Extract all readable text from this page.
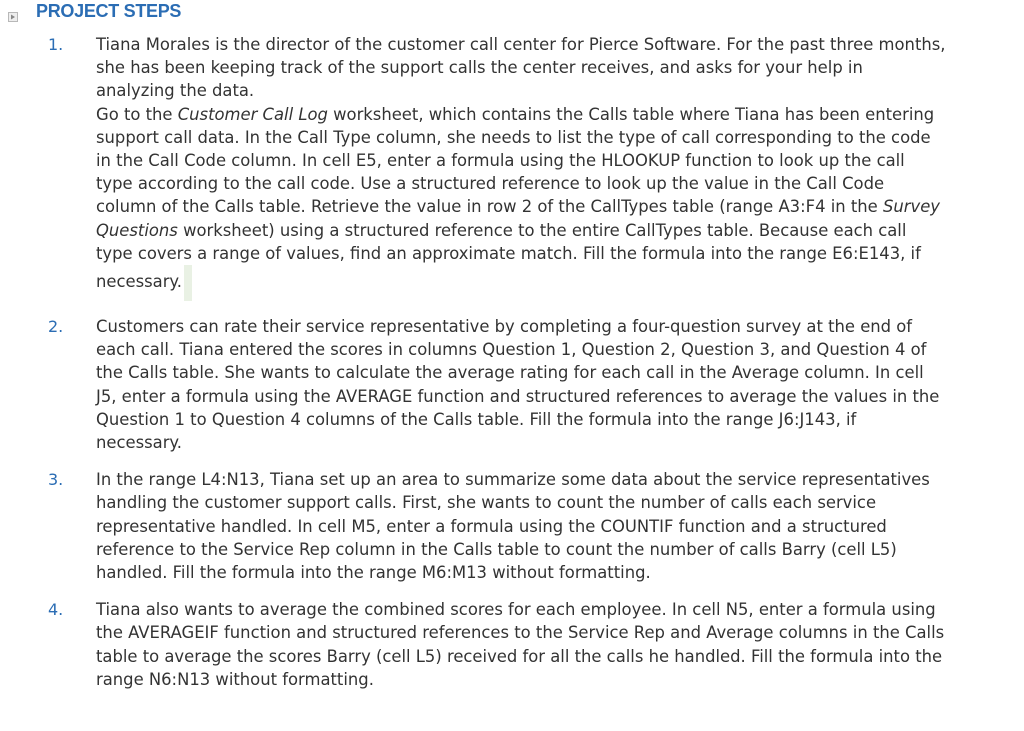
PROJECT STEPS
1.	Tiana Morales is the director of the customer call center for Pierce Software. For the past three months, she has been keeping track of the support calls the center receives, and asks for your help in analyzing the data.

Go to the Customer Call Log worksheet, which contains the Calls table where Tiana has been entering support call data. In the Call Type column, she needs to list the type of call corresponding to the code in the Call Code column. In cell E5, enter a formula using the HLOOKUP function to look up the call type according to the call code. Use a structured reference to look up the value in the Call Code column of the Calls table. Retrieve the value in row 2 of the CallTypes table (range A3:F4 in the Survey Questions worksheet) using a structured reference to the entire CallTypes table. Because each call type covers a range of values, find an approximate match. Fill the formula into the range E6:E143, if necessary.

2.	Customers can rate their service representative by completing a four-question survey at the end of each call. Tiana entered the scores in columns Question 1, Question 2, Question 3, and Question 4 of the Calls table. She wants to calculate the average rating for each call in the Average column. In cell J5, enter a formula using the AVERAGE function and structured references to average the values in the Question 1 to Question 4 columns of the Calls table. Fill the formula into the range J6:J143, if necessary.
3.	In the range L4:N13, Tiana set up an area to summarize some data about the service representatives handling the customer support calls. First, she wants to count the number of calls each service representative handled. In cell M5, enter a formula using the COUNTIF function and a structured reference to the Service Rep column in the Calls table to count the number of calls Barry (cell L5) handled. Fill the formula into the range M6:M13 without formatting.
4.	Tiana also wants to average the combined scores for each employee. In cell N5, enter a formula using the AVERAGEIF function and structured references to the Service Rep and Average columns in the Calls table to average the scores Barry (cell L5) received for all the calls he handled. Fill the formula into the range N6:N13 without formatting.
